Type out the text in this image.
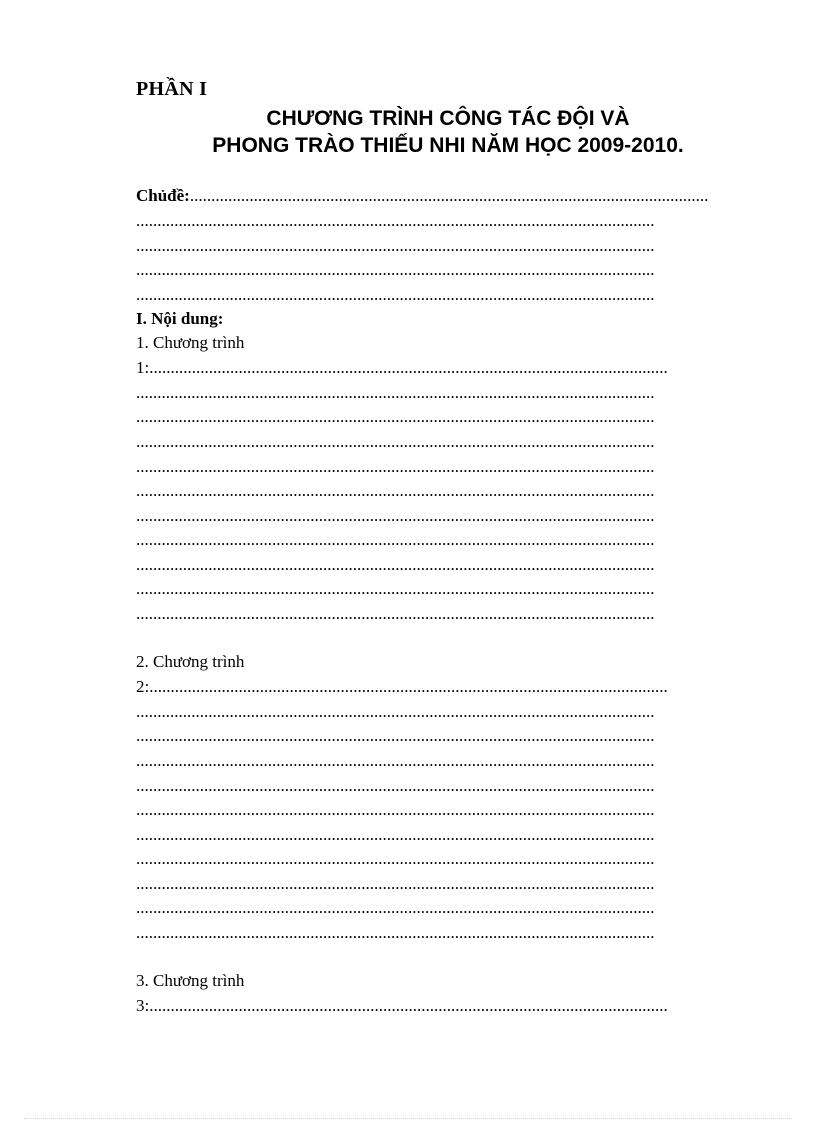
PHẦN I
CHƯƠNG TRÌNH CÔNG TÁC ĐỘI VÀ
PHONG TRÀO THIẾU NHI NĂM HỌC 2009-2010.
Chủđề:..........................................................................................................................
..........................................................................................................................
..........................................................................................................................
..........................................................................................................................
..........................................................................................................................
I. Nội dung:
1. Chương trình
1:..........................................................................................................................
..........................................................................................................................
..........................................................................................................................
..........................................................................................................................
..........................................................................................................................
..........................................................................................................................
..........................................................................................................................
..........................................................................................................................
..........................................................................................................................
..........................................................................................................................
..........................................................................................................................
2. Chương trình
2:..........................................................................................................................
..........................................................................................................................
..........................................................................................................................
..........................................................................................................................
..........................................................................................................................
..........................................................................................................................
..........................................................................................................................
..........................................................................................................................
..........................................................................................................................
..........................................................................................................................
..........................................................................................................................
3. Chương trình
3:..........................................................................................................................
